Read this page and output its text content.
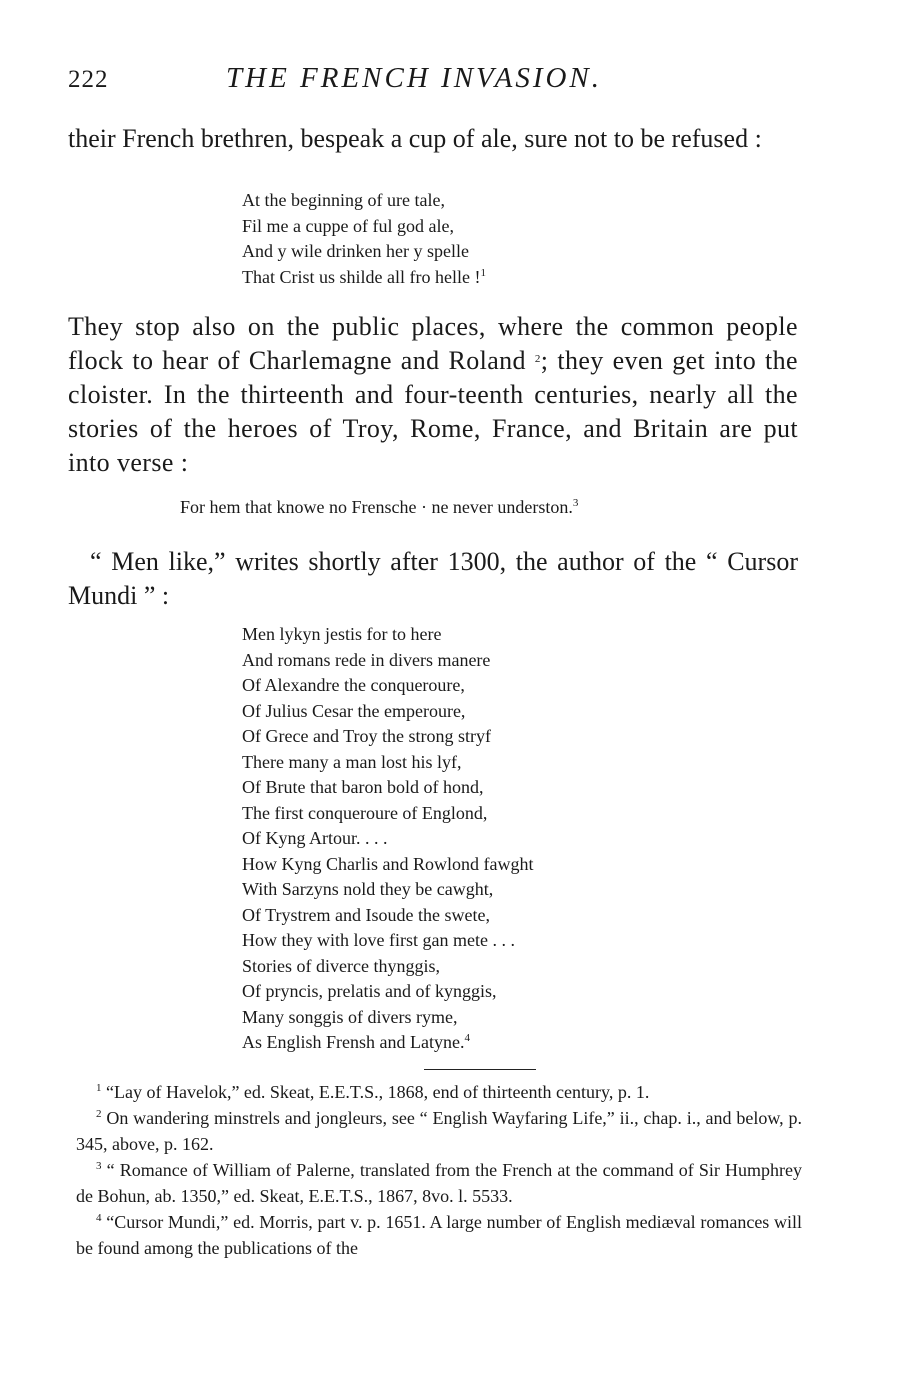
222	THE FRENCH INVASION.

their French brethren, bespeak a cup of ale, sure not to be refused :

At the beginning of ure tale,
Fil me a cuppe of ful god ale,
And y wile drinken her y spelle
That Crist us shilde all fro helle !$^1$

They stop also on the public places, where the common people flock to hear of Charlemagne and Roland $^2$; they even get into the cloister. In the thirteenth and four-teenth centuries, nearly all the stories of the heroes of Troy, Rome, France, and Britain are put into verse :

For hem that knowe no Frensche · ne never underston.$^3$

“ Men like,” writes shortly after 1300, the author of the “ Cursor Mundi ” :

Men lykyn jestis for to here
And romans rede in divers manere
Of Alexandre the conqueroure,
Of Julius Cesar the emperoure,
Of Grece and Troy the strong stryf
There many a man lost his lyf,
Of Brute that baron bold of hond,
The first conqueroure of Englond,
Of Kyng Artour. . . .
How Kyng Charlis and Rowlond fawght
With Sarzyns nold they be cawght,
Of Trystrem and Isoude the swete,
How they with love first gan mete . . .
Stories of diverce thynggis,
Of pryncis, prelatis and of kynggis,
Many songgis of divers ryme,
As English Frensh and Latyne.$^4$
$^1$ “Lay of Havelok,” ed. Skeat, E.E.T.S., 1868, end of thirteenth century, p. 1.
$^2$ On wandering minstrels and jongleurs, see “ English Wayfaring Life,” ii., chap. i., and below, p. 345, above, p. 162.
$^3$ “ Romance of William of Palerne, translated from the French at the command of Sir Humphrey de Bohun, ab. 1350,” ed. Skeat, E.E.T.S., 1867, 8vo. l. 5533.
$^4$ “Cursor Mundi,” ed. Morris, part v. p. 1651. A large number of English mediæval romances will be found among the publications of the
